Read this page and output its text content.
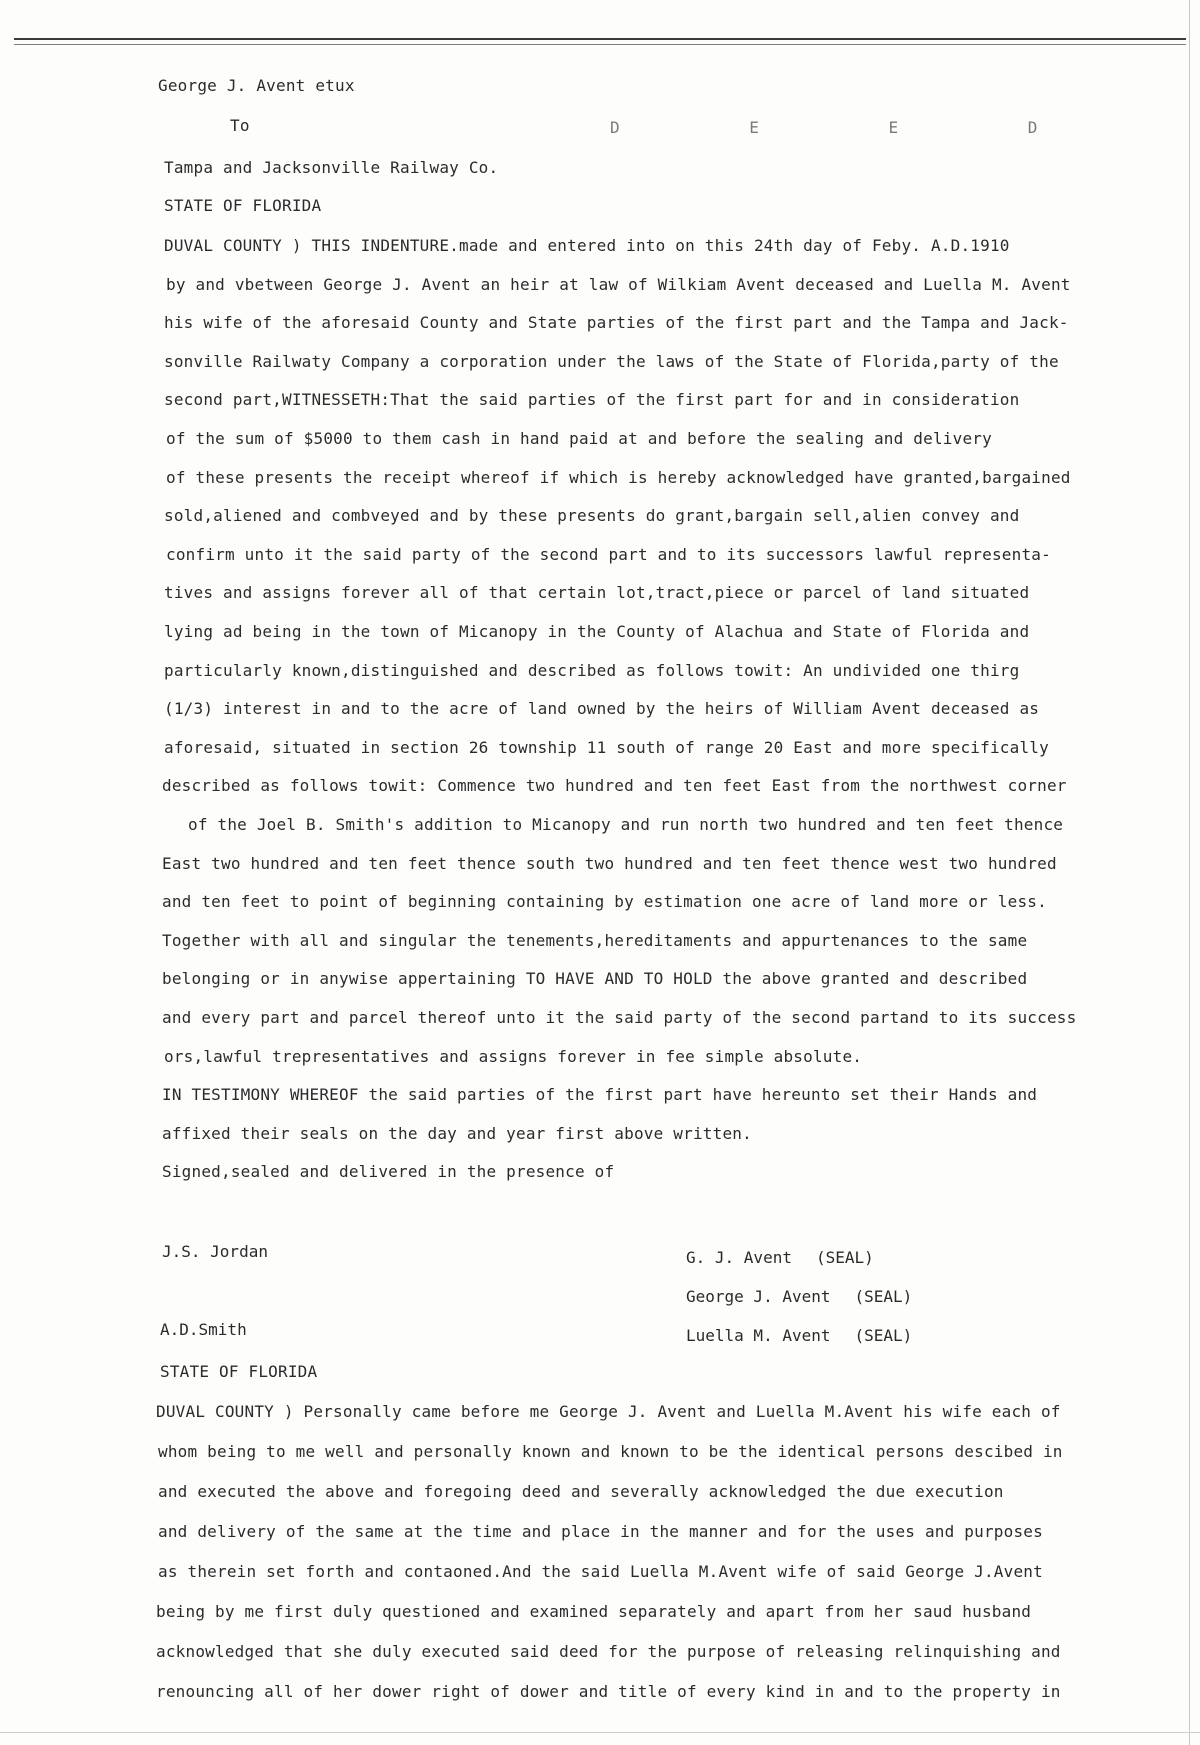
George J. Avent etux
To	D E E D
Tampa and Jacksonville Railway Co.
STATE OF FLORIDA
DUVAL COUNTY ) THIS INDENTURE.made and entered into on this 24th day of Feby. A.D.1910
by and vbetween George J. Avent an heir at law of Wilkiam Avent deceased and Luella M. Avent
his wife of the aforesaid County and State parties of the first part and the Tampa and Jack-
sonville Railwaty Company a corporation under the laws of the State of Florida,party of the
second part,WITNESSETH:That the said parties of the first part for and in consideration
of the sum of $5000 to them cash in hand paid at and before the sealing and delivery
of these presents the receipt whereof if which is hereby acknowledged have granted,bargained
sold,aliened and combveyed and by these presents do grant,bargain sell,alien convey and
confirm unto it the said party of the second part and to its successors lawful representa-
tives and assigns forever all of that certain lot,tract,piece or parcel of land situated
lying ad being in the town of Micanopy in the County of Alachua and State of Florida and
particularly known,distinguished and described as follows towit: An undivided one thirg
(1/3) interest in and to the acre of land owned by the heirs of William Avent deceased as
aforesaid, situated in section 26 township 11 south of range 20 East and more specifically
described as follows towit: Commence two hundred and ten feet East from the northwest corner
of the Joel B. Smith's addition to Micanopy and run north two hundred and ten feet thence
East two hundred and ten feet thence south two hundred and ten feet thence west two hundred
and ten feet to point of beginning containing by estimation one acre of land more or less.
Together with all and singular the tenements,hereditaments and appurtenances to the same
belonging or in anywise appertaining TO HAVE AND TO HOLD the above granted and described
and every part and parcel thereof unto it the said party of the second partand to its success
ors,lawful trepresentatives and assigns forever in fee simple absolute.
IN TESTIMONY WHEREOF the said parties of the first part have hereunto set their Hands and
affixed their seals on the day and year first above written.
Signed,sealed and delivered in the presence of
J.S. Jordan
A.D.Smith
G. J. Avent (SEAL)
George J. Avent (SEAL)
Luella M. Avent (SEAL)
STATE OF FLORIDA
DUVAL COUNTY ) Personally came before me George J. Avent and Luella M.Avent his wife each of
whom being to me well and personally known and known to be the identical persons descibed in
and executed the above and foregoing deed and severally acknowledged the due execution
and delivery of the same at the time and place in the manner and for the uses and purposes
as therein set forth and contaoned.And the said Luella M.Avent wife of said George J.Avent
being by me first duly questioned and examined separately and apart from her saud husband
acknowledged that she duly executed said deed for the purpose of releasing relinquishing and
renouncing all of her dower right of dower and title of every kind in and to the property in
